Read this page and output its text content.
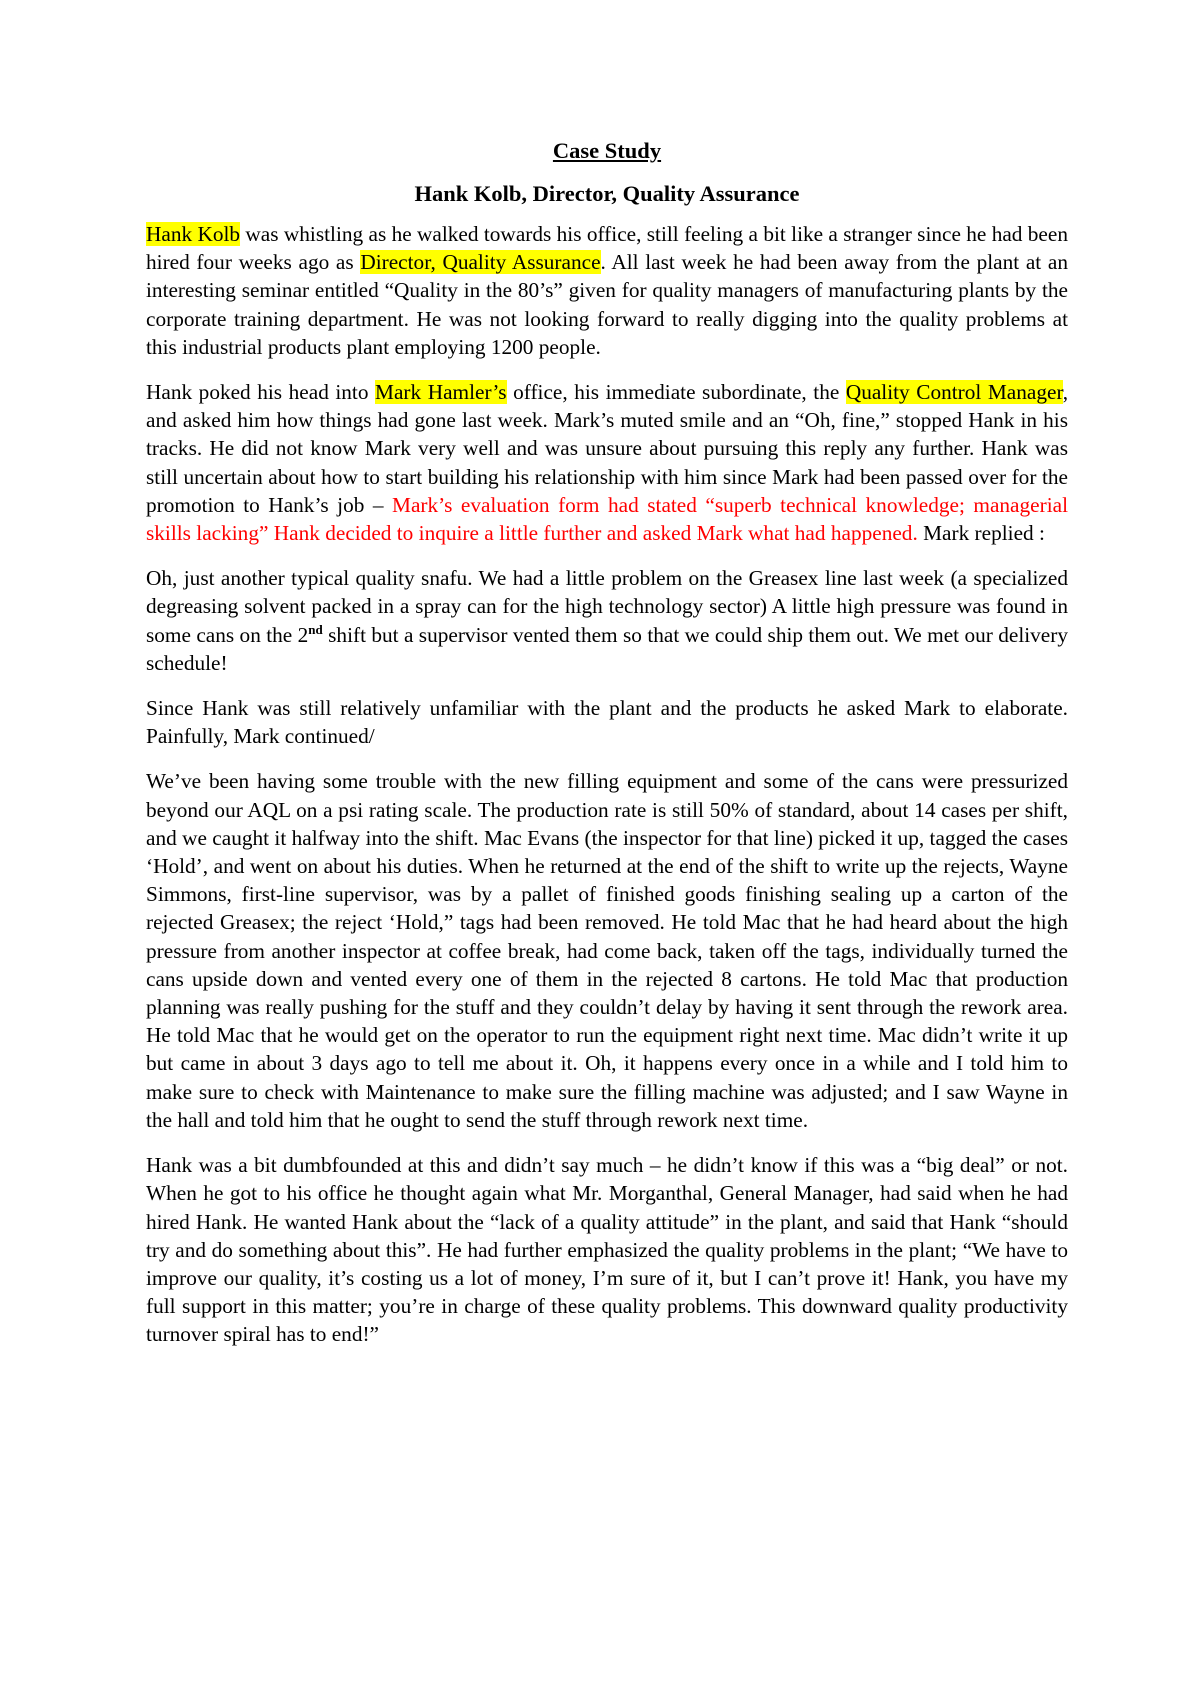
Case Study
Hank Kolb, Director, Quality Assurance

Hank Kolb was whistling as he walked towards his office, still feeling a bit like a stranger since he had been hired four weeks ago as Director, Quality Assurance. All last week he had been away from the plant at an interesting seminar entitled “Quality in the 80’s” given for quality managers of manufacturing plants by the corporate training department. He was not looking forward to really digging into the quality problems at this industrial products plant employing 1200 people.

Hank poked his head into Mark Hamler’s office, his immediate subordinate, the Quality Control Manager, and asked him how things had gone last week. Mark’s muted smile and an “Oh, fine,” stopped Hank in his tracks. He did not know Mark very well and was unsure about pursuing this reply any further. Hank was still uncertain about how to start building his relationship with him since Mark had been passed over for the promotion to Hank’s job – Mark’s evaluation form had stated “superb technical knowledge; managerial skills lacking” Hank decided to inquire a little further and asked Mark what had happened. Mark replied :

Oh, just another typical quality snafu. We had a little problem on the Greasex line last week (a specialized degreasing solvent packed in a spray can for the high technology sector) A little high pressure was found in some cans on the 2nd shift but a supervisor vented them so that we could ship them out. We met our delivery schedule!

Since Hank was still relatively unfamiliar with the plant and the products he asked Mark to elaborate. Painfully, Mark continued/

We’ve been having some trouble with the new filling equipment and some of the cans were pressurized beyond our AQL on a psi rating scale. The production rate is still 50% of standard, about 14 cases per shift, and we caught it halfway into the shift. Mac Evans (the inspector for that line) picked it up, tagged the cases ‘Hold’, and went on about his duties. When he returned at the end of the shift to write up the rejects, Wayne Simmons, first-line supervisor, was by a pallet of finished goods finishing sealing up a carton of the rejected Greasex; the reject ‘Hold,” tags had been removed. He told Mac that he had heard about the high pressure from another inspector at coffee break, had come back, taken off the tags, individually turned the cans upside down and vented every one of them in the rejected 8 cartons. He told Mac that production planning was really pushing for the stuff and they couldn’t delay by having it sent through the rework area. He told Mac that he would get on the operator to run the equipment right next time. Mac didn’t write it up but came in about 3 days ago to tell me about it. Oh, it happens every once in a while and I told him to make sure to check with Maintenance to make sure the filling machine was adjusted; and I saw Wayne in the hall and told him that he ought to send the stuff through rework next time.

Hank was a bit dumbfounded at this and didn’t say much – he didn’t know if this was a “big deal” or not. When he got to his office he thought again what Mr. Morganthal, General Manager, had said when he had hired Hank. He wanted Hank about the “lack of a quality attitude” in the plant, and said that Hank “should try and do something about this”. He had further emphasized the quality problems in the plant; “We have to improve our quality, it’s costing us a lot of money, I’m sure of it, but I can’t prove it! Hank, you have my full support in this matter; you’re in charge of these quality problems. This downward quality productivity turnover spiral has to end!”
